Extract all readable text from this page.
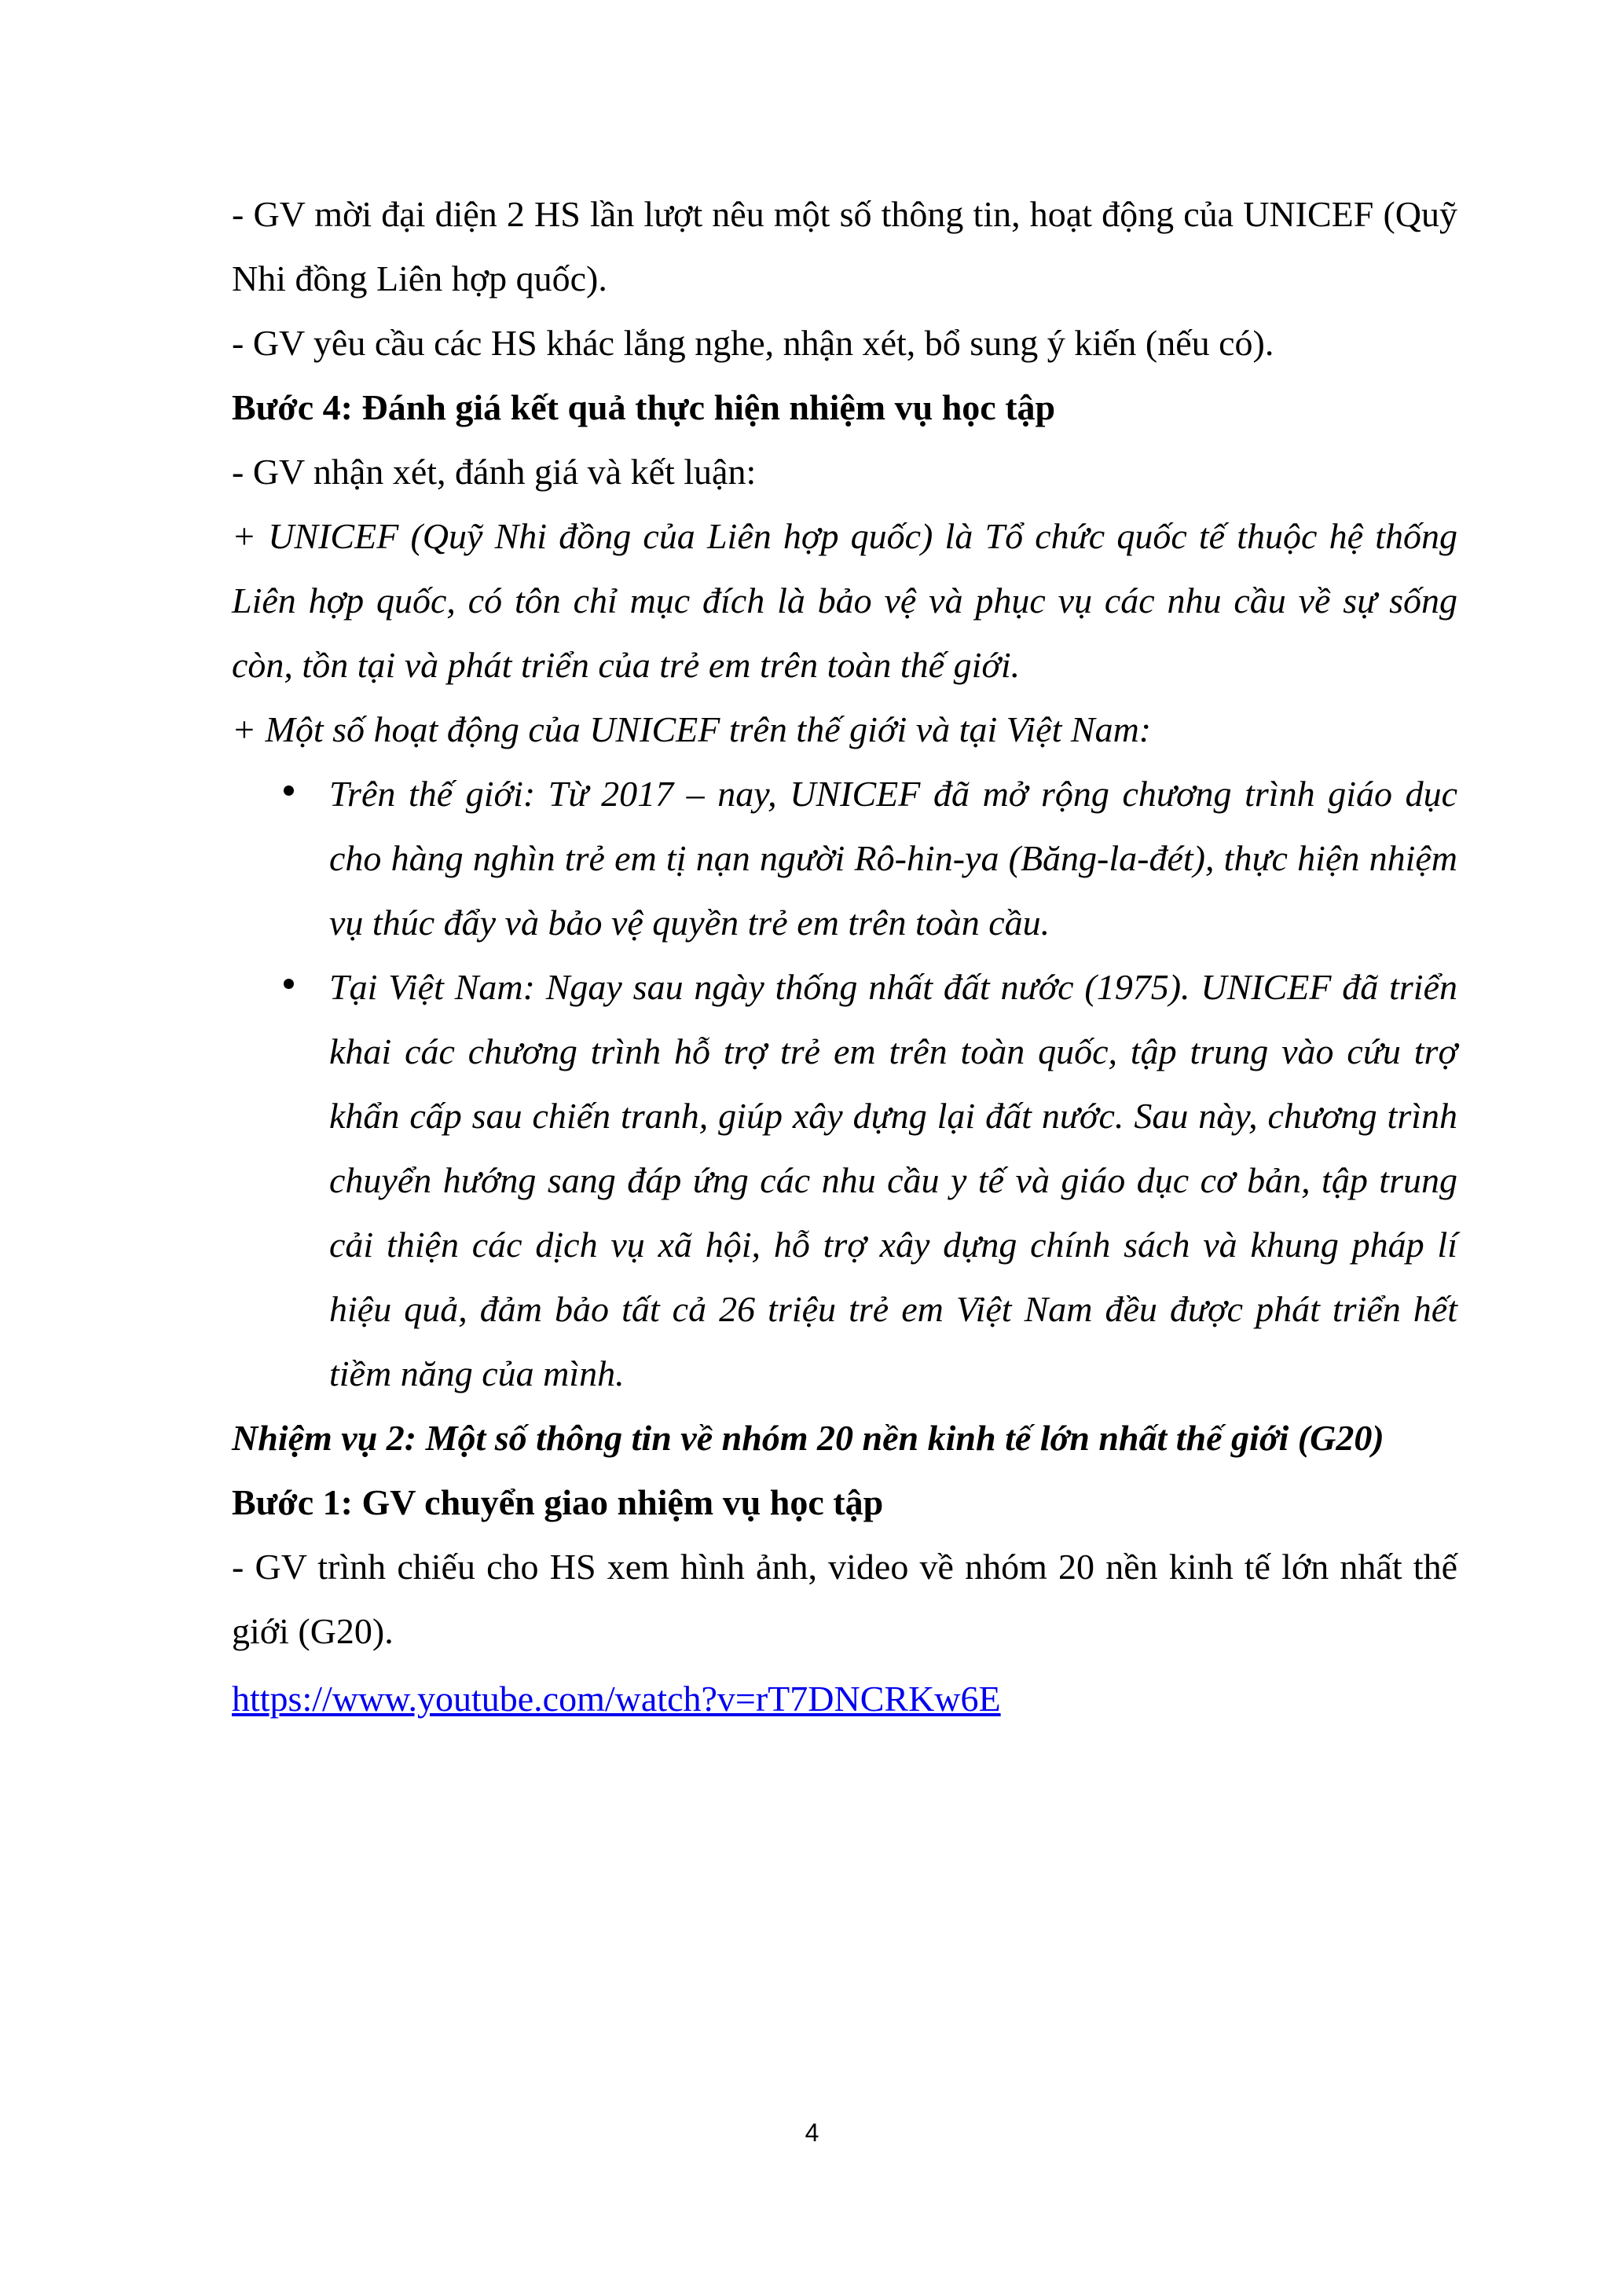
- GV mời đại diện 2 HS lần lượt nêu một số thông tin, hoạt động của UNICEF (Quỹ Nhi đồng Liên hợp quốc).

- GV yêu cầu các HS khác lắng nghe, nhận xét, bổ sung ý kiến (nếu có).

Bước 4: Đánh giá kết quả thực hiện nhiệm vụ học tập

- GV nhận xét, đánh giá và kết luận:

+ UNICEF (Quỹ Nhi đồng của Liên hợp quốc) là Tổ chức quốc tế thuộc hệ thống Liên hợp quốc, có tôn chỉ mục đích là bảo vệ và phục vụ các nhu cầu về sự sống còn, tồn tại và phát triển của trẻ em trên toàn thế giới.

+ Một số hoạt động của UNICEF trên thế giới và tại Việt Nam:

Trên thế giới: Từ 2017 – nay, UNICEF đã mở rộng chương trình giáo dục cho hàng nghìn trẻ em tị nạn người Rô-hin-ya (Băng-la-đét), thực hiện nhiệm vụ thúc đẩy và bảo vệ quyền trẻ em trên toàn cầu.
Tại Việt Nam: Ngay sau ngày thống nhất đất nước (1975). UNICEF đã triển khai các chương trình hỗ trợ trẻ em trên toàn quốc, tập trung vào cứu trợ khẩn cấp sau chiến tranh, giúp xây dựng lại đất nước. Sau này, chương trình chuyển hướng sang đáp ứng các nhu cầu y tế và giáo dục cơ bản, tập trung cải thiện các dịch vụ xã hội, hỗ trợ xây dựng chính sách và khung pháp lí hiệu quả, đảm bảo tất cả 26 triệu trẻ em Việt Nam đều được phát triển hết tiềm năng của mình.

Nhiệm vụ 2: Một số thông tin về nhóm 20 nền kinh tế lớn nhất thế giới (G20)

Bước 1: GV chuyển giao nhiệm vụ học tập

- GV trình chiếu cho HS xem hình ảnh, video về nhóm 20 nền kinh tế lớn nhất thế giới (G20).

https://www.youtube.com/watch?v=rT7DNCRKw6E

4
